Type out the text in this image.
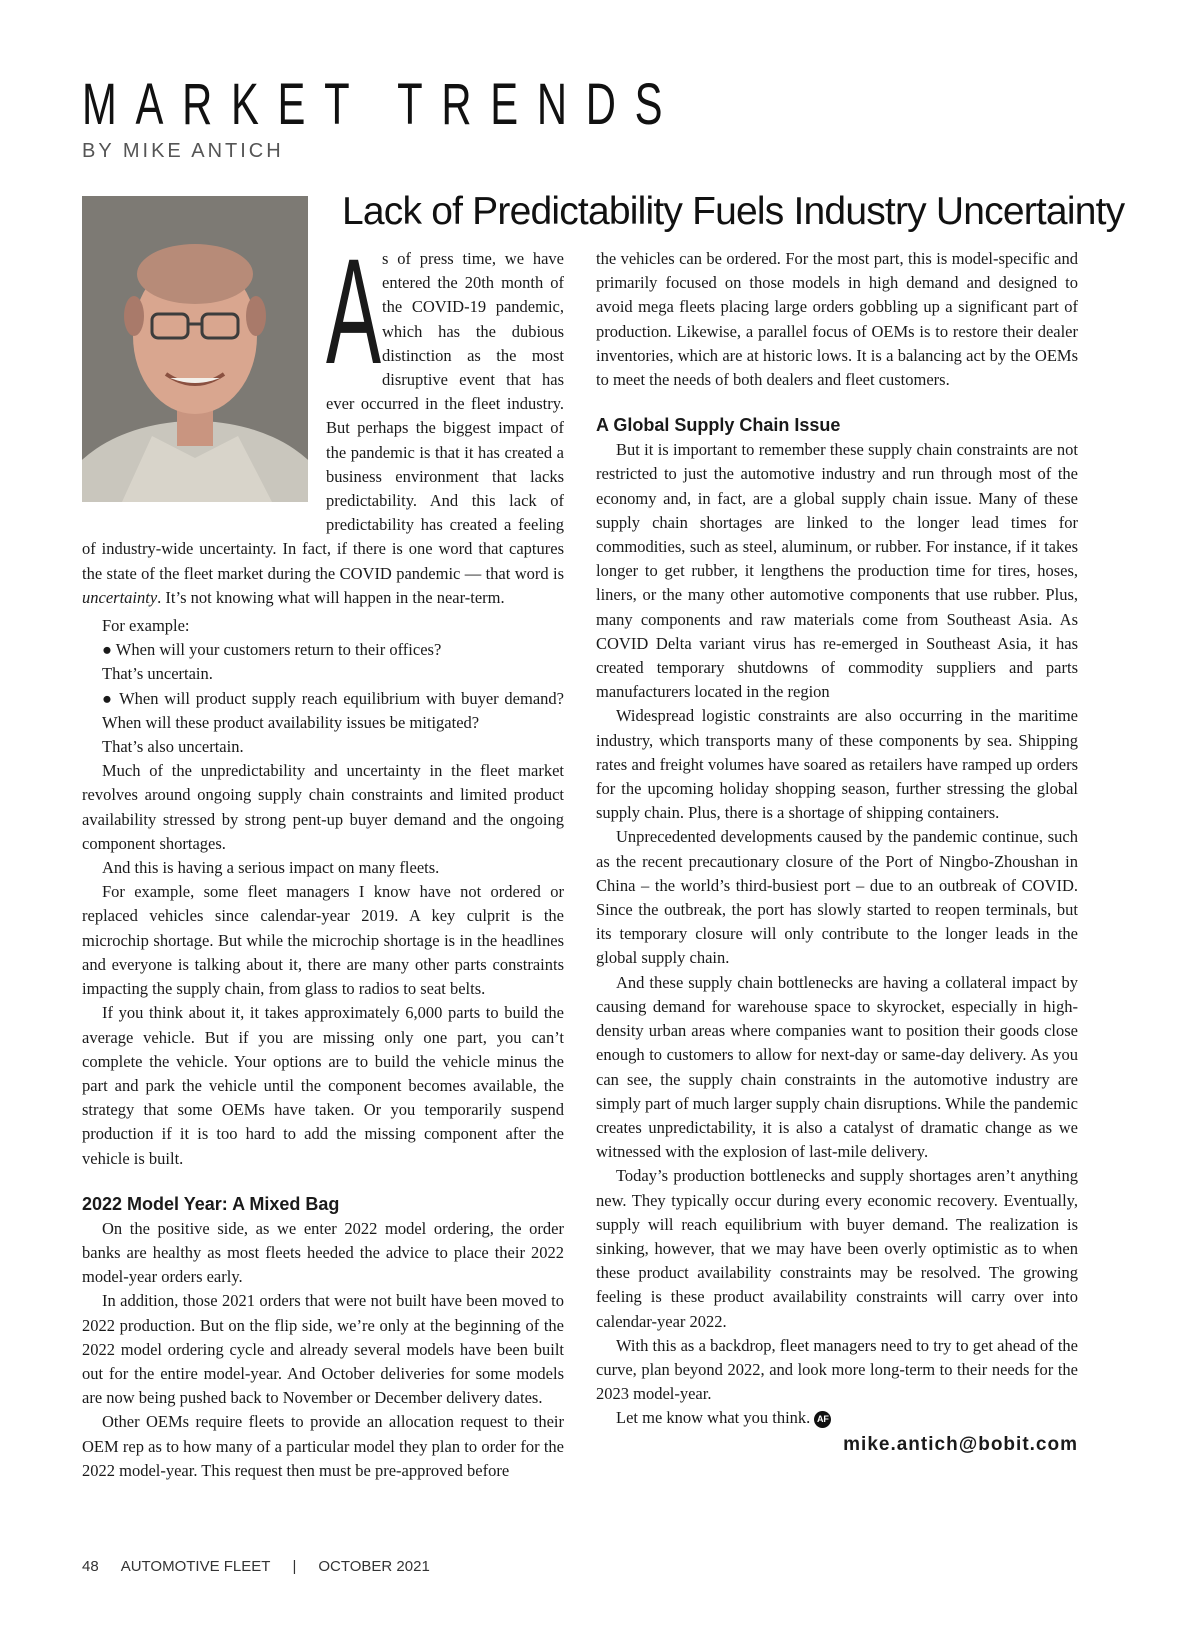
MARKET TRENDS
BY MIKE ANTICH
Lack of Predictability Fuels Industry Uncertainty
A s of press time, we have entered the 20th month of the COVID-19 pandemic, which has the dubious distinction as the most disruptive event that has ever occurred in the fleet industry. But perhaps the biggest impact of the pandemic is that it has created a business environment that lacks predictability. And this lack of predictability has created a feeling of industry-wide uncertainty. In fact, if there is one word that captures the state of the fleet market during the COVID pandemic — that word is uncertainty. It’s not knowing what will happen in the near-term.

For example:

● When will your customers return to their offices?

That’s uncertain.

● When will product supply reach equilibrium with buyer demand? When will these product availability issues be mitigated?

That’s also uncertain.

Much of the unpredictability and uncertainty in the fleet market revolves around ongoing supply chain constraints and limited product availability stressed by strong pent-up buyer demand and the ongoing component shortages.

And this is having a serious impact on many fleets.

For example, some fleet managers I know have not ordered or replaced vehicles since calendar-year 2019. A key culprit is the microchip shortage. But while the microchip shortage is in the headlines and everyone is talking about it, there are many other parts constraints impacting the supply chain, from glass to radios to seat belts.

If you think about it, it takes approximately 6,000 parts to build the average vehicle. But if you are missing only one part, you can’t complete the vehicle. Your options are to build the vehicle minus the part and park the vehicle until the component becomes available, the strategy that some OEMs have taken. Or you temporarily suspend production if it is too hard to add the missing component after the vehicle is built.

2022 Model Year: A Mixed Bag

On the positive side, as we enter 2022 model ordering, the order banks are healthy as most fleets heeded the advice to place their 2022 model-year orders early.

In addition, those 2021 orders that were not built have been moved to 2022 production. But on the flip side, we’re only at the beginning of the 2022 model ordering cycle and already several models have been built out for the entire model-year. And October deliveries for some models are now being pushed back to November or December delivery dates.

Other OEMs require fleets to provide an allocation request to their OEM rep as to how many of a particular model they plan to order for the 2022 model-year. This request then must be pre-approved before

the vehicles can be ordered. For the most part, this is model-specific and primarily focused on those models in high demand and designed to avoid mega fleets placing large orders gobbling up a significant part of production. Likewise, a parallel focus of OEMs is to restore their dealer inventories, which are at historic lows. It is a balancing act by the OEMs to meet the needs of both dealers and fleet customers.

A Global Supply Chain Issue

But it is important to remember these supply chain constraints are not restricted to just the automotive industry and run through most of the economy and, in fact, are a global supply chain issue. Many of these supply chain shortages are linked to the longer lead times for commodities, such as steel, aluminum, or rubber. For instance, if it takes longer to get rubber, it lengthens the production time for tires, hoses, liners, or the many other automotive components that use rubber. Plus, many components and raw materials come from Southeast Asia. As COVID Delta variant virus has re-emerged in Southeast Asia, it has created temporary shutdowns of commodity suppliers and parts manufacturers located in the region

Widespread logistic constraints are also occurring in the maritime industry, which transports many of these components by sea. Shipping rates and freight volumes have soared as retailers have ramped up orders for the upcoming holiday shopping season, further stressing the global supply chain. Plus, there is a shortage of shipping containers.

Unprecedented developments caused by the pandemic continue, such as the recent precautionary closure of the Port of Ningbo-Zhoushan in China – the world’s third-busiest port – due to an outbreak of COVID. Since the outbreak, the port has slowly started to reopen terminals, but its temporary closure will only contribute to the longer leads in the global supply chain.

And these supply chain bottlenecks are having a collateral impact by causing demand for warehouse space to skyrocket, especially in high-density urban areas where companies want to position their goods close enough to customers to allow for next-day or same-day delivery. As you can see, the supply chain constraints in the automotive industry are simply part of much larger supply chain disruptions. While the pandemic creates unpredictability, it is also a catalyst of dramatic change as we witnessed with the explosion of last-mile delivery.

Today’s production bottlenecks and supply shortages aren’t anything new. They typically occur during every economic recovery. Eventually, supply will reach equilibrium with buyer demand. The realization is sinking, however, that we may have been overly optimistic as to when these product availability constraints may be resolved. The growing feeling is these product availability constraints will carry over into calendar-year 2022.

With this as a backdrop, fleet managers need to try to get ahead of the curve, plan beyond 2022, and look more long-term to their needs for the 2023 model-year.

Let me know what you think. AF

mike.antich@bobit.com
48 AUTOMOTIVE FLEET | OCTOBER 2021
